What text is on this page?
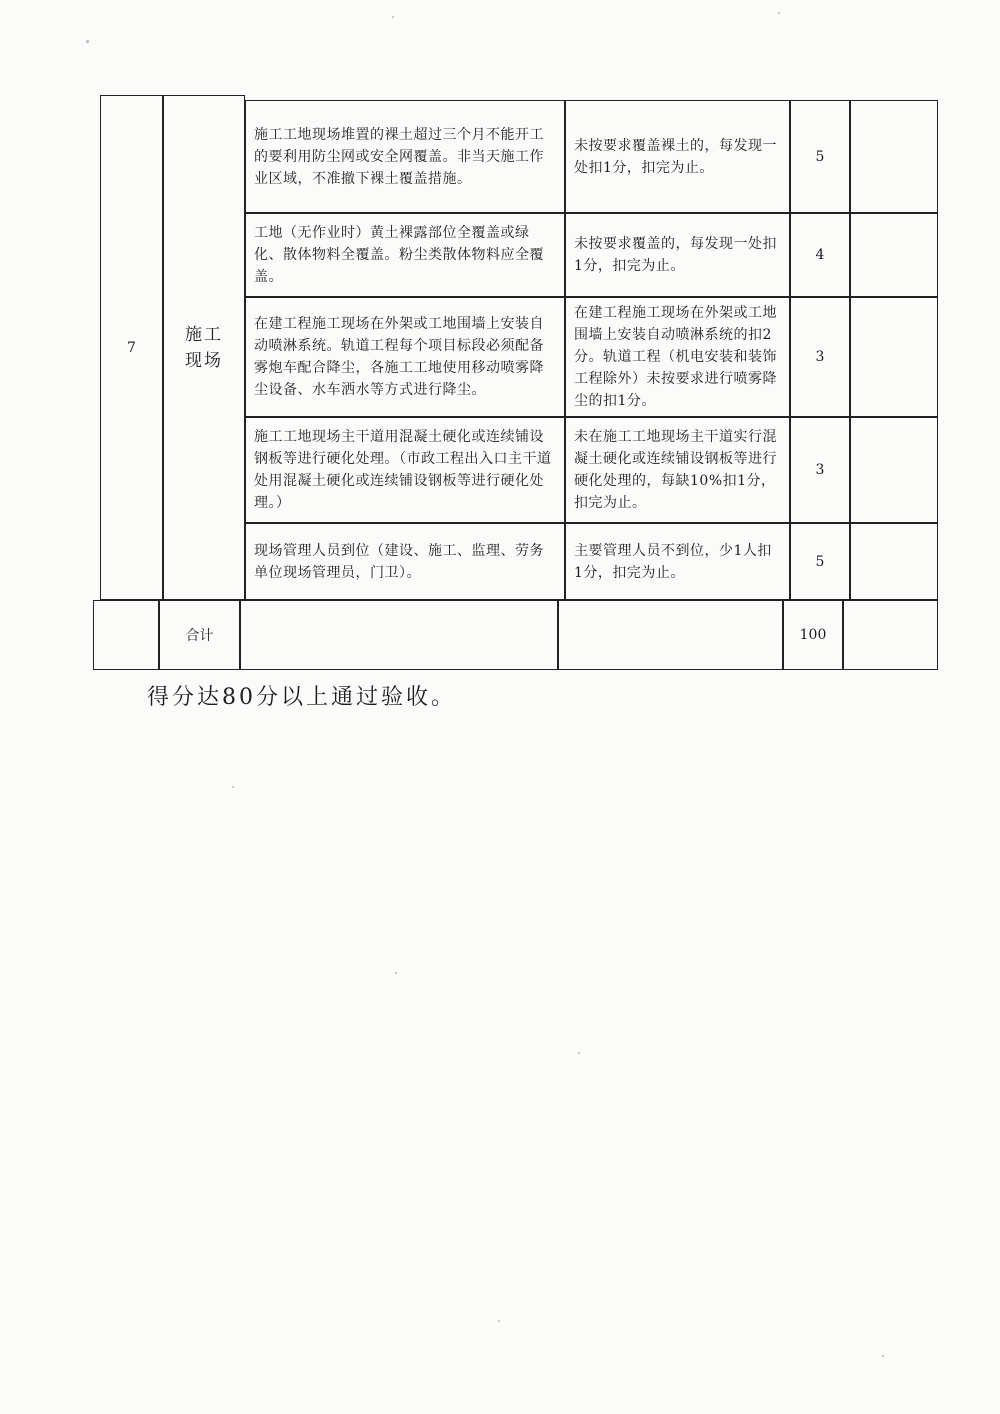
7
施工现场
施工工地现场堆置的裸土超过三个月不能开工的要利用防尘网或安全网覆盖。非当天施工作业区域，不准撤下裸土覆盖措施。
未按要求覆盖裸土的，每发现一处扣1分，扣完为止。
5
工地（无作业时）黄土裸露部位全覆盖或绿化、散体物料全覆盖。粉尘类散体物料应全覆盖。
未按要求覆盖的，每发现一处扣1分，扣完为止。
4
在建工程施工现场在外架或工地围墙上安装自动喷淋系统。轨道工程每个项目标段必须配备雾炮车配合降尘，各施工工地使用移动喷雾降尘设备、水车洒水等方式进行降尘。
在建工程施工现场在外架或工地围墙上安装自动喷淋系统的扣2分。轨道工程（机电安装和装饰工程除外）未按要求进行喷雾降尘的扣1分。
3
施工工地现场主干道用混凝土硬化或连续铺设钢板等进行硬化处理。（市政工程出入口主干道处用混凝土硬化或连续铺设钢板等进行硬化处理。）
未在施工工地现场主干道实行混凝土硬化或连续铺设钢板等进行硬化处理的，每缺10%扣1分，扣完为止。
3
现场管理人员到位（建设、施工、监理、劳务单位现场管理员，门卫）。
主要管理人员不到位，少1人扣1分，扣完为止。
5
合计	100
得分达80分以上通过验收。
